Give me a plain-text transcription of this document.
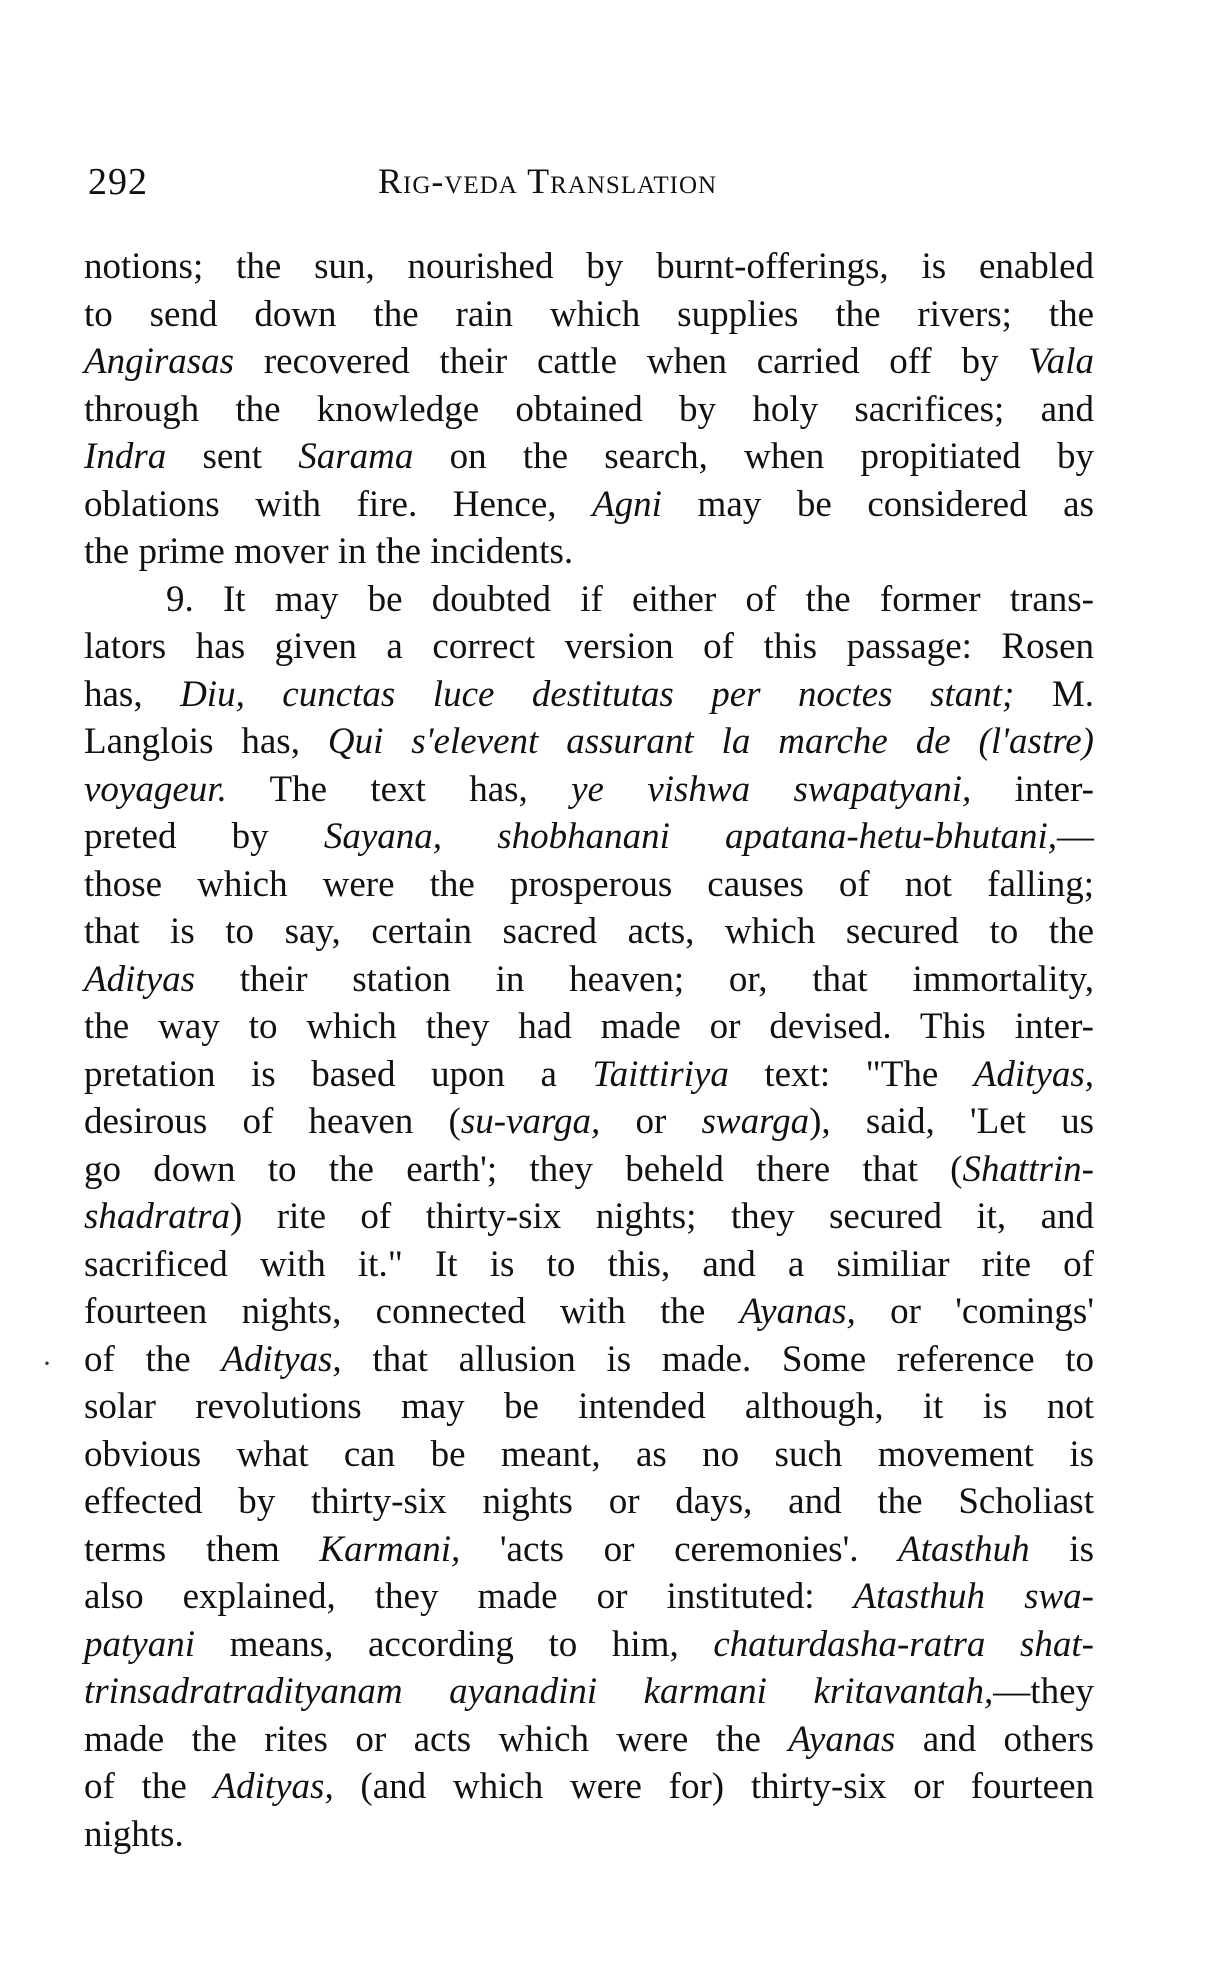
292	Rig-veda Translation
·
notions; the sun, nourished by burnt-offerings, is enabled
to send down the rain which supplies the rivers; the
Angirasas recovered their cattle when carried off by Vala
through the knowledge obtained by holy sacrifices; and
Indra sent Sarama on the search, when propitiated by
oblations with fire. Hence, Agni may be considered as
the prime mover in the incidents.
9. It may be doubted if either of the former trans-
lators has given a correct version of this passage: Rosen
has, Diu, cunctas luce destitutas per noctes stant; M.
Langlois has, Qui s'elevent assurant la marche de (l'astre)
voyageur. The text has, ye vishwa swapatyani, inter-
preted by Sayana, shobhanani apatana-hetu-bhutani,—
those which were the prosperous causes of not falling;
that is to say, certain sacred acts, which secured to the
Adityas their station in heaven; or, that immortality,
the way to which they had made or devised. This inter-
pretation is based upon a Taittiriya text: "The Adityas,
desirous of heaven (su-varga, or swarga), said, 'Let us
go down to the earth'; they beheld there that (Shattrin-
shadratra) rite of thirty-six nights; they secured it, and
sacrificed with it." It is to this, and a similiar rite of
fourteen nights, connected with the Ayanas, or 'comings'
of the Adityas, that allusion is made. Some reference to
solar revolutions may be intended although, it is not
obvious what can be meant, as no such movement is
effected by thirty-six nights or days, and the Scholiast
terms them Karmani, 'acts or ceremonies'. Atasthuh is
also explained, they made or instituted: Atasthuh swa-
patyani means, according to him, chaturdasha-ratra shat-
trinsadratradityanam ayanadini karmani kritavantah,—they
made the rites or acts which were the Ayanas and others
of the Adityas, (and which were for) thirty-six or fourteen
nights.
